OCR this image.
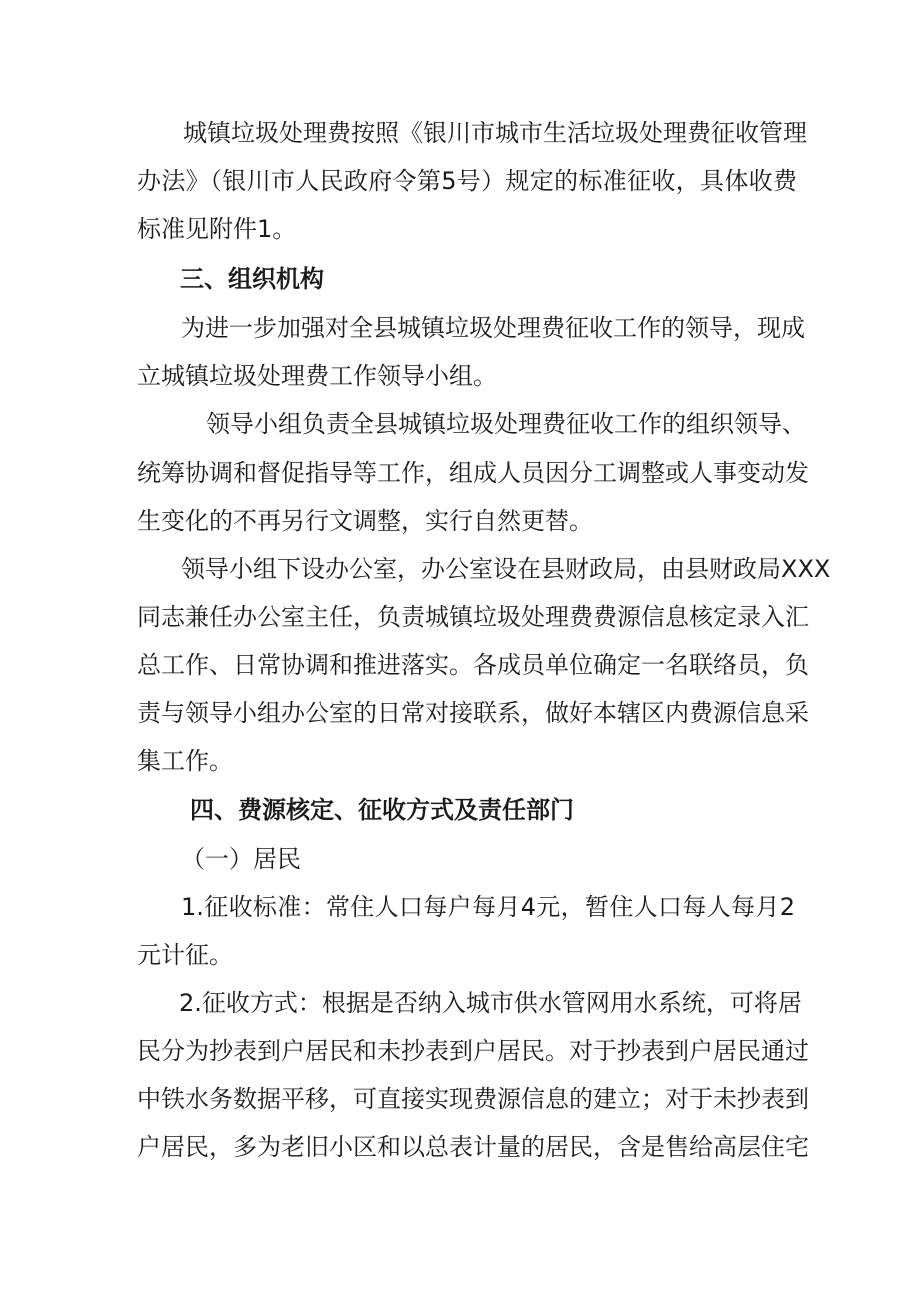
城镇垃圾处理费按照《银川市城市生活垃圾处理费征收管理
办法》（银川市人民政府令第5号）规定的标准征收，具体收费
标准见附件1。
三、组织机构
为进一步加强对全县城镇垃圾处理费征收工作的领导，现成
立城镇垃圾处理费工作领导小组。
领导小组负责全县城镇垃圾处理费征收工作的组织领导、
统筹协调和督促指导等工作，组成人员因分工调整或人事变动发
生变化的不再另行文调整，实行自然更替。
领导小组下设办公室，办公室设在县财政局，由县财政局XXX
同志兼任办公室主任，负责城镇垃圾处理费费源信息核定录入汇
总工作、日常协调和推进落实。各成员单位确定一名联络员，负
责与领导小组办公室的日常对接联系，做好本辖区内费源信息采
集工作。
四、费源核定、征收方式及责任部门
（一）居民
1.征收标准：常住人口每户每月4元，暂住人口每人每月2
元计征。
2.征收方式：根据是否纳入城市供水管网用水系统，可将居
民分为抄表到户居民和未抄表到户居民。对于抄表到户居民通过
中铁水务数据平移，可直接实现费源信息的建立；对于未抄表到
户居民，多为老旧小区和以总表计量的居民，含是售给高层住宅
